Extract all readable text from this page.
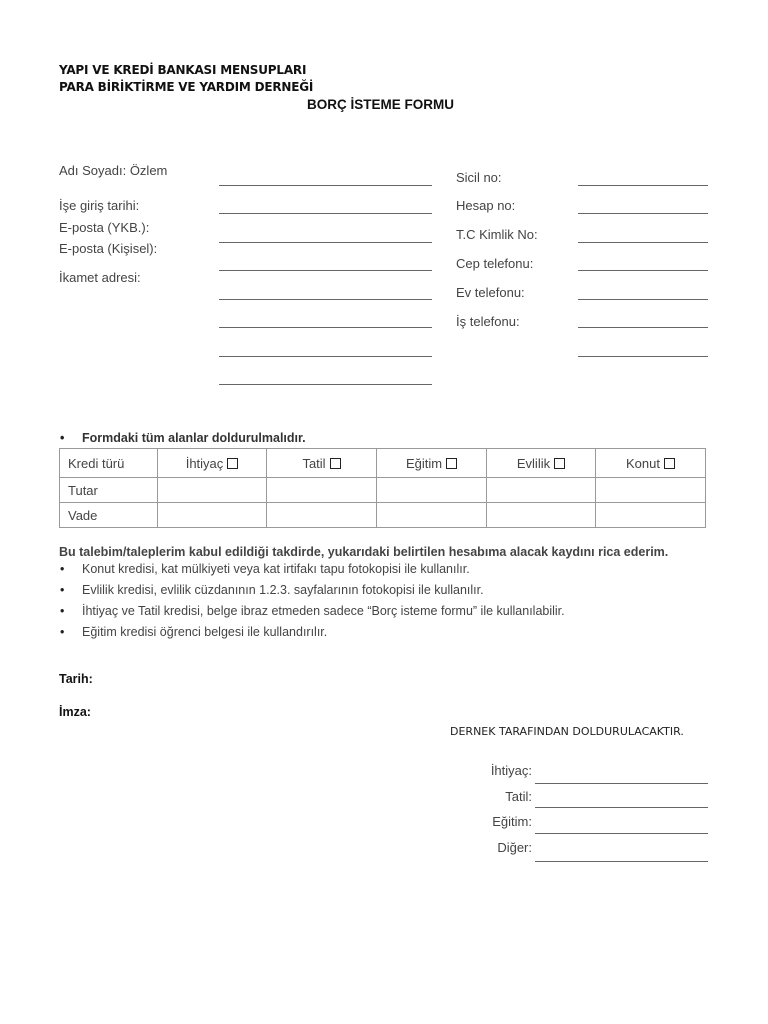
YAPI VE KREDİ BANKASI MENSUPLARI
PARA BİRİKTİRME VE YARDIM DERNEĞİ
BORÇ İSTEME FORMU
Adı Soyadı: Özlem
İşe giriş tarihi:
E-posta (YKB.):
E-posta (Kişisel):
İkamet adresi:
Sicil no:
Hesap no:
T.C Kimlik No:
Cep telefonu:
Ev telefonu:
İş telefonu:
• Formdaki tüm alanlar doldurulmalıdır.
Kredi türü	İhtiyaç	Tatil	Eğitim	Evlilik	Konut
Tutar					
Vade					
Bu talebim/taleplerim kabul edildiği takdirde, yukarıdaki belirtilen hesabıma alacak kaydını rica ederim.
• Konut kredisi, kat mülkiyeti veya kat irtifakı tapu fotokopisi ile kullanılır.
• Evlilik kredisi, evlilik cüzdanının 1.2.3. sayfalarının fotokopisi ile kullanılır.
• İhtiyaç ve Tatil kredisi, belge ibraz etmeden sadece “Borç isteme formu” ile kullanılabilir.
• Eğitim kredisi öğrenci belgesi ile kullandırılır.
Tarih:
İmza:
DERNEK TARAFINDAN DOLDURULACAKTIR.
İhtiyaç:
Tatil:
Eğitim:
Diğer:
